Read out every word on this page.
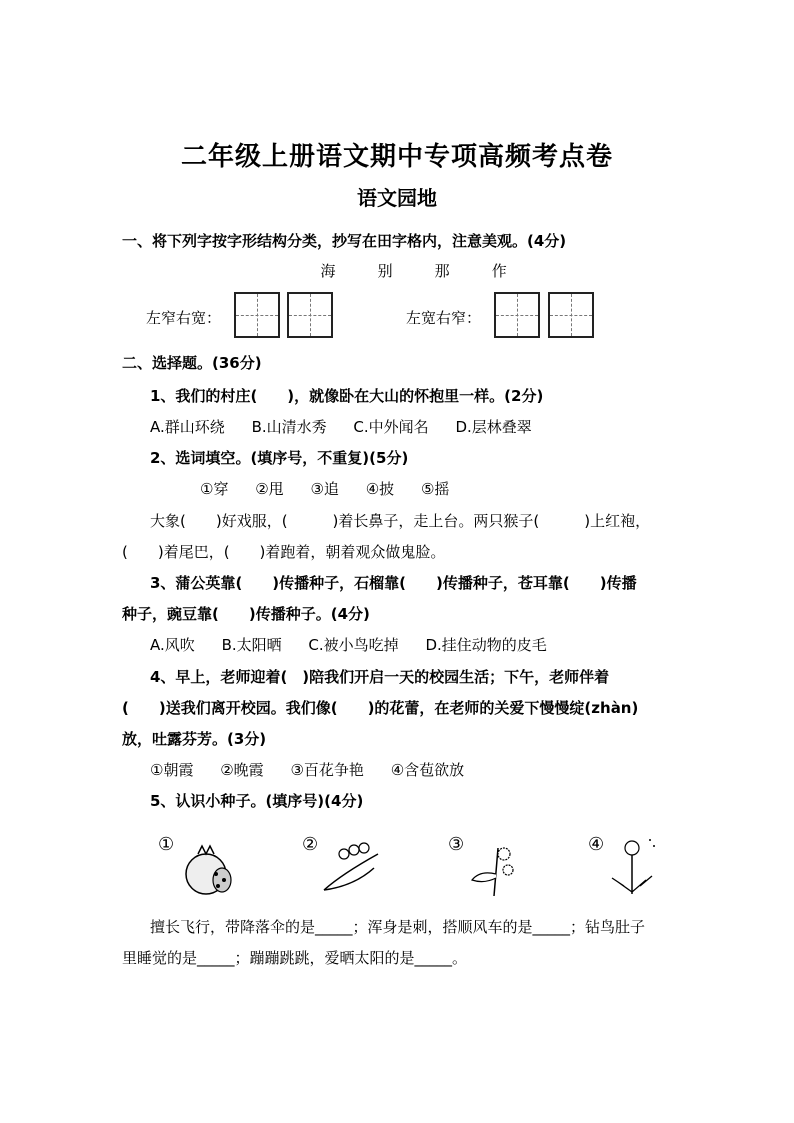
二年级上册语文期中专项高频考点卷
语文园地
一、将下列字按字形结构分类，抄写在田字格内，注意美观。(4分)
海	别	那	作
左窄右宽：	左宽右窄：
二、选择题。(36分)
1、我们的村庄(　　)，就像卧在大山的怀抱里一样。(2分)
A.群山环绕 B.山清水秀 C.中外闻名 D.层林叠翠
2、选词填空。(填序号，不重复)(5分)
①穿 ②甩 ③追 ④披 ⑤摇
大象(　　)好戏服，(　　　)着长鼻子，走上台。两只猴子(　　　)上红袍，
(　　)着尾巴，(　　)着跑着，朝着观众做鬼脸。
3、蒲公英靠(　　)传播种子，石榴靠(　　)传播种子，苍耳靠(　　)传播
种子，豌豆靠(　　)传播种子。(4分)
A.风吹 B.太阳晒 C.被小鸟吃掉 D.挂住动物的皮毛
4、早上，老师迎着(　)陪我们开启一天的校园生活；下午，老师伴着
(　　)送我们离开校园。我们像(　　)的花蕾，在老师的关爱下慢慢绽(zhàn)
放，吐露芬芳。(3分)
①朝霞 ②晚霞 ③百花争艳 ④含苞欲放
5、认识小种子。(填序号)(4分)
①	②	③	④
擅长飞行，带降落伞的是_____；浑身是刺，搭顺风车的是_____；钻鸟肚子
里睡觉的是_____；蹦蹦跳跳，爱晒太阳的是_____。
